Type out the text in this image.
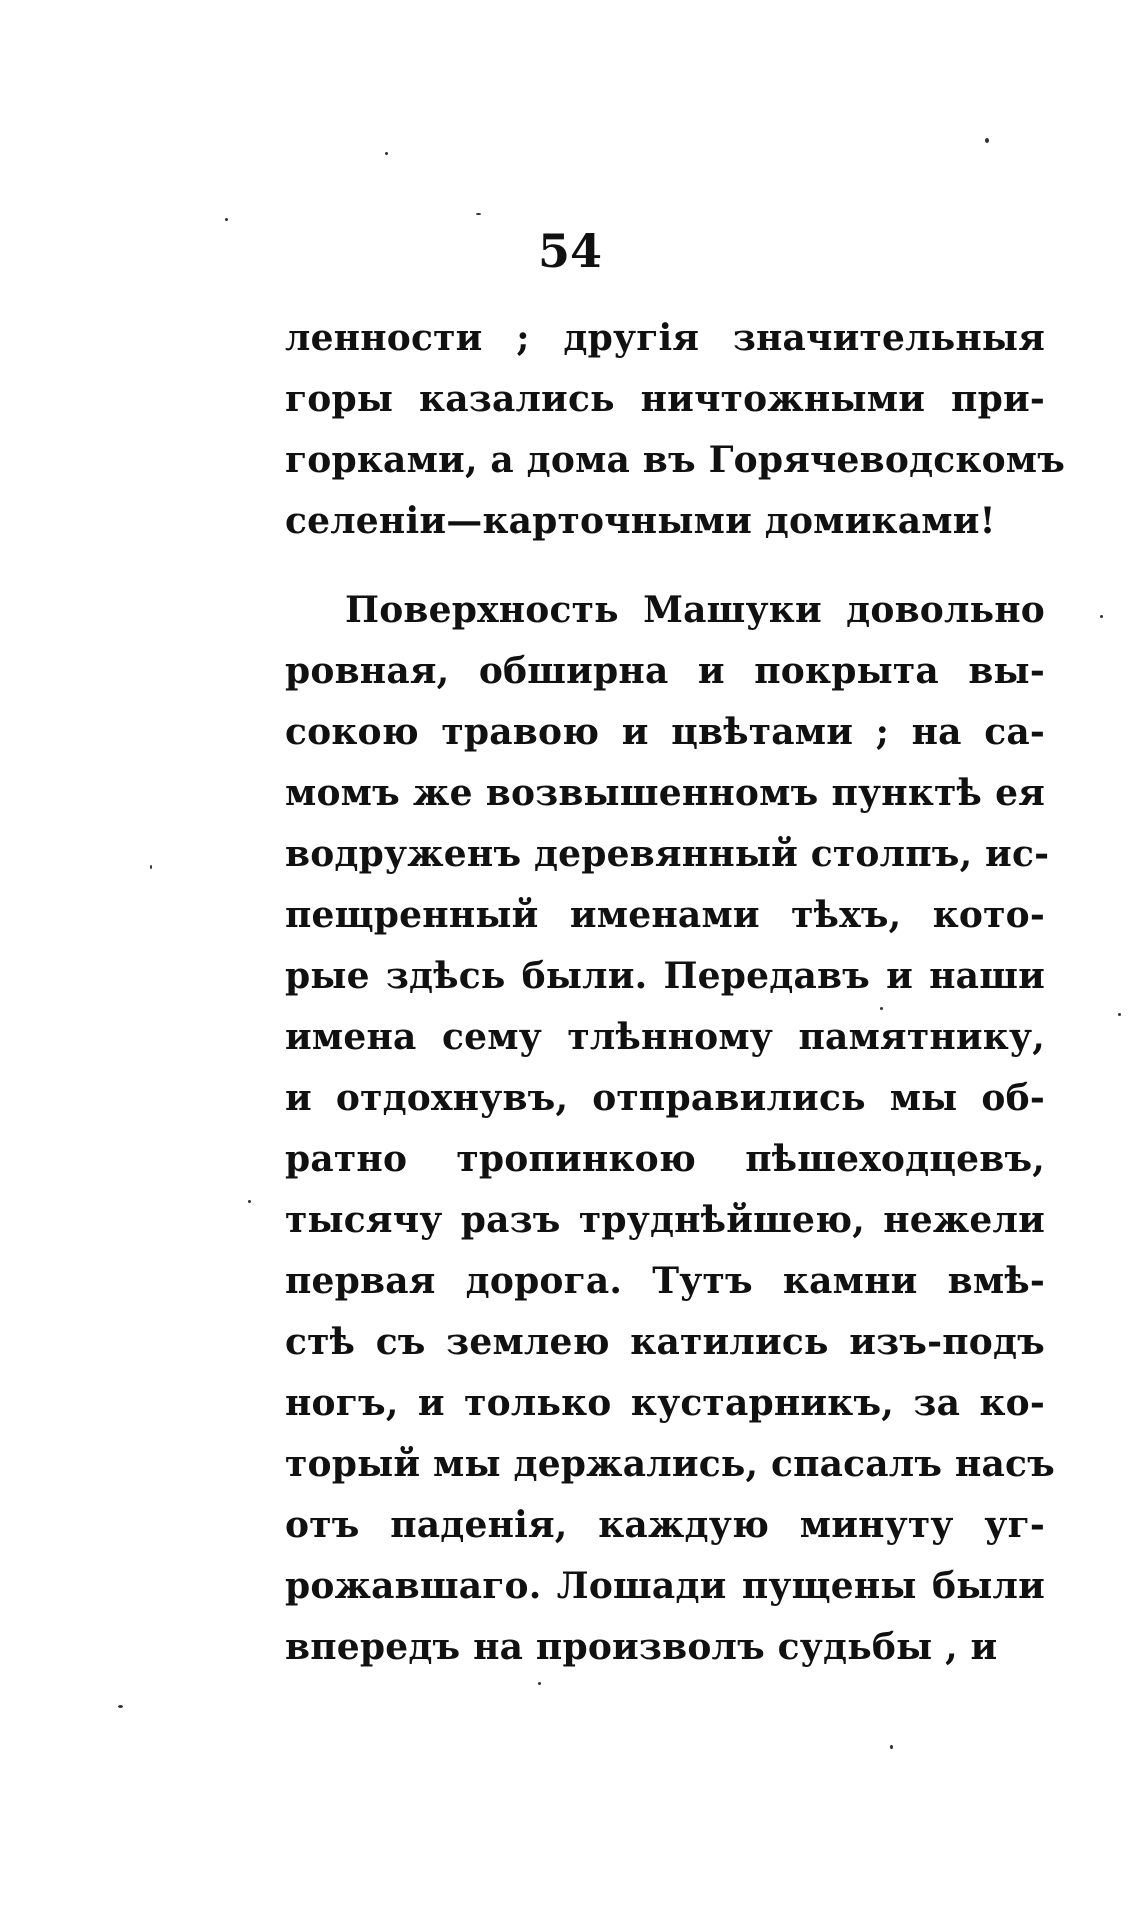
54
ленности ; другія значительныя
горы казались ничтожными при-
горками, а дома въ Горячеводскомъ
селеніи—карточными домиками!
Поверхность Машуки довольно
ровная, обширна и покрыта вы-
сокою травою и цвѣтами ; на са-
момъ же возвышенномъ пунктѣ ея
водруженъ деревянный столпъ, ис-
пещренный именами тѣхъ, кото-
рые здѣсь были. Передавъ и наши
имена сему тлѣнному памятнику,
и отдохнувъ, отправились мы об-
ратно тропинкою пѣшеходцевъ,
тысячу разъ труднѣйшею, нежели
первая дорога. Тутъ камни вмѣ-
стѣ съ землею катились изъ-подъ
ногъ, и только кустарникъ, за ко-
торый мы держались, спасалъ насъ
отъ паденія, каждую минуту уг-
рожавшаго. Лошади пущены были
впередъ на произволъ судьбы , и
